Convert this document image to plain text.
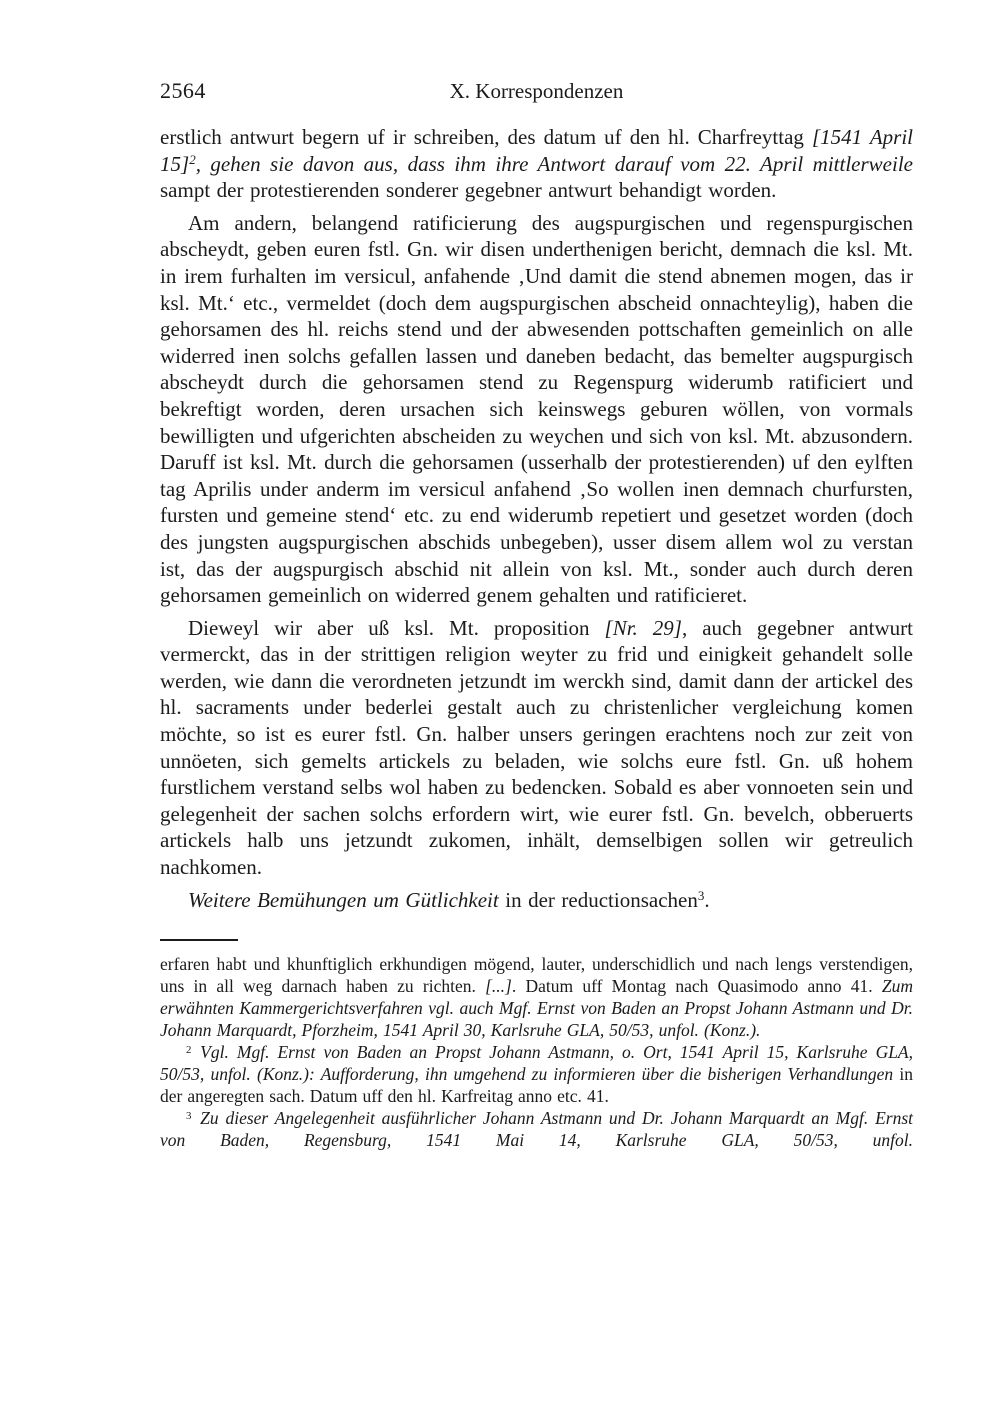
2564	X. Korrespondenzen

erstlich antwurt begern uf ir schreiben, des datum uf den hl. Charfreyttag [1541 April 15]$^2$, gehen sie davon aus, dass ihm ihre Antwort darauf vom 22. April mittlerweile sampt der protestierenden sonderer gegebner antwurt behandigt worden.

Am andern, belangend ratificierung des augspurgischen und regenspurgischen abscheydt, geben euren fstl. Gn. wir disen underthenigen bericht, demnach die ksl. Mt. in irem furhalten im versicul, anfahende ‚Und damit die stend abnemen mogen, das ir ksl. Mt.‘ etc., vermeldet (doch dem augspurgischen abscheid onnachteylig), haben die gehorsamen des hl. reichs stend und der abwesenden pottschaften gemeinlich on alle widerred inen solchs gefallen lassen und daneben bedacht, das bemelter augspurgisch abscheydt durch die gehorsamen stend zu Regenspurg widerumb ratificiert und bekreftigt worden, deren ursachen sich keinswegs geburen wöllen, von vormals bewilligten und ufgerichten abscheiden zu weychen und sich von ksl. Mt. abzusondern. Daruff ist ksl. Mt. durch die gehorsamen (usserhalb der protestierenden) uf den eylften tag Aprilis under anderm im versicul anfahend ‚So wollen inen demnach churfursten, fursten und gemeine stend‘ etc. zu end widerumb repetiert und gesetzet worden (doch des jungsten augspurgischen abschids unbegeben), usser disem allem wol zu verstan ist, das der augspurgisch abschid nit allein von ksl. Mt., sonder auch durch deren gehorsamen gemeinlich on widerred genem gehalten und ratificieret.

Dieweyl wir aber uß ksl. Mt. proposition [Nr. 29], auch gegebner antwurt vermerckt, das in der strittigen religion weyter zu frid und einigkeit gehandelt solle werden, wie dann die verordneten jetzundt im werckh sind, damit dann der artickel des hl. sacraments under bederlei gestalt auch zu christenlicher vergleichung komen möchte, so ist es eurer fstl. Gn. halber unsers geringen erachtens noch zur zeit von unnöeten, sich gemelts artickels zu beladen, wie solchs eure fstl. Gn. uß hohem furstlichem verstand selbs wol haben zu bedencken. Sobald es aber vonnoeten sein und gelegenheit der sachen solchs erfordern wirt, wie eurer fstl. Gn. bevelch, obberuerts artickels halb uns jetzundt zukomen, inhält, demselbigen sollen wir getreulich nachkomen.

Weitere Bemühungen um Gütlichkeit in der reductionsachen$^3$.

erfaren habt und khunftiglich erkhundigen mögend, lauter, underschidlich und nach lengs verstendigen, uns in all weg darnach haben zu richten. [...]. Datum uff Montag nach Quasimodo anno 41. Zum erwähnten Kammergerichtsverfahren vgl. auch Mgf. Ernst von Baden an Propst Johann Astmann und Dr. Johann Marquardt, Pforzheim, 1541 April 30, Karlsruhe GLA, 50/53, unfol. (Konz.).

$^2$ Vgl. Mgf. Ernst von Baden an Propst Johann Astmann, o. Ort, 1541 April 15, Karlsruhe GLA, 50/53, unfol. (Konz.): Aufforderung, ihn umgehend zu informieren über die bisherigen Verhandlungen in der angeregten sach. Datum uff den hl. Karfreitag anno etc. 41.

$^3$ Zu dieser Angelegenheit ausführlicher Johann Astmann und Dr. Johann Marquardt an Mgf. Ernst von Baden, Regensburg, 1541 Mai 14, Karlsruhe GLA, 50/53, unfol.
